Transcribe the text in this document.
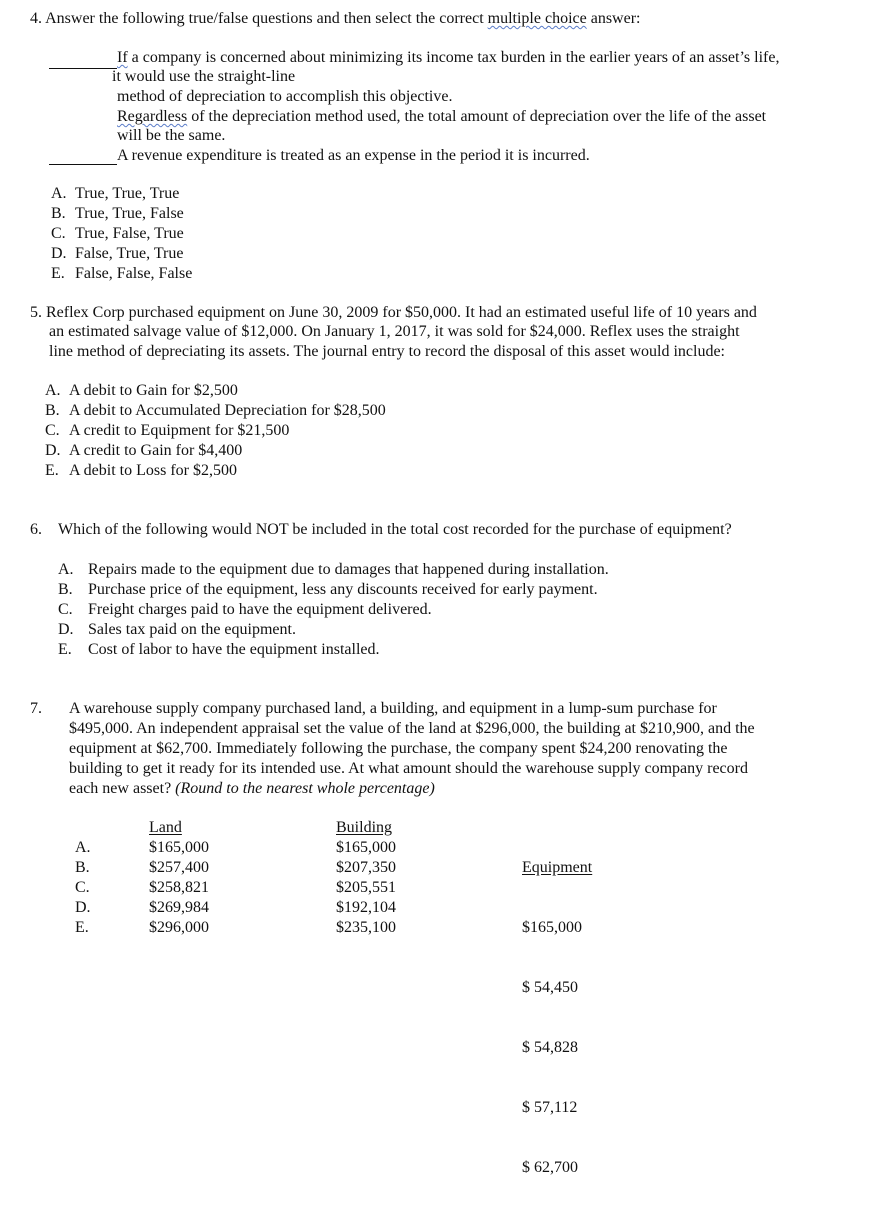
4. Answer the following true/false questions and then select the correct multiple choice answer:
If a company is concerned about minimizing its income tax burden in the earlier years of an asset’s life,
it would use the straight-line
method of depreciation to accomplish this objective.
Regardless of the depreciation method used, the total amount of depreciation over the life of the asset
will be the same.
A revenue expenditure is treated as an expense in the period it is incurred.
A. True, True, True
B. True, True, False
C. True, False, True
D. False, True, True
E. False, False, False
5. Reflex Corp purchased equipment on June 30, 2009 for $50,000. It had an estimated useful life of 10 years and
an estimated salvage value of $12,000. On January 1, 2017, it was sold for $24,000. Reflex uses the straight
line method of depreciating its assets. The journal entry to record the disposal of this asset would include:
A. A debit to Gain for $2,500
B. A debit to Accumulated Depreciation for $28,500
C. A credit to Equipment for $21,500
D. A credit to Gain for $4,400
E. A debit to Loss for $2,500
6. Which of the following would NOT be included in the total cost recorded for the purchase of equipment?
A. Repairs made to the equipment due to damages that happened during installation.
B. Purchase price of the equipment, less any discounts received for early payment.
C. Freight charges paid to have the equipment delivered.
D. Sales tax paid on the equipment.
E. Cost of labor to have the equipment installed.
7. A warehouse supply company purchased land, a building, and equipment in a lump-sum purchase for
$495,000. An independent appraisal set the value of the land at $296,000, the building at $210,900, and the
equipment at $62,700. Immediately following the purchase, the company spent $24,200 renovating the
building to get it ready for its intended use. At what amount should the warehouse supply company record
each new asset? (Round to the nearest whole percentage)
A.
B.
C.
D.
E.
Land
$165,000
$257,400
$258,821
$269,984
$296,000
Building
$165,000
$207,350
$205,551
$192,104
$235,100

Equipment

$165,000

$ 54,450

$ 54,828

$ 57,112

$ 62,700
